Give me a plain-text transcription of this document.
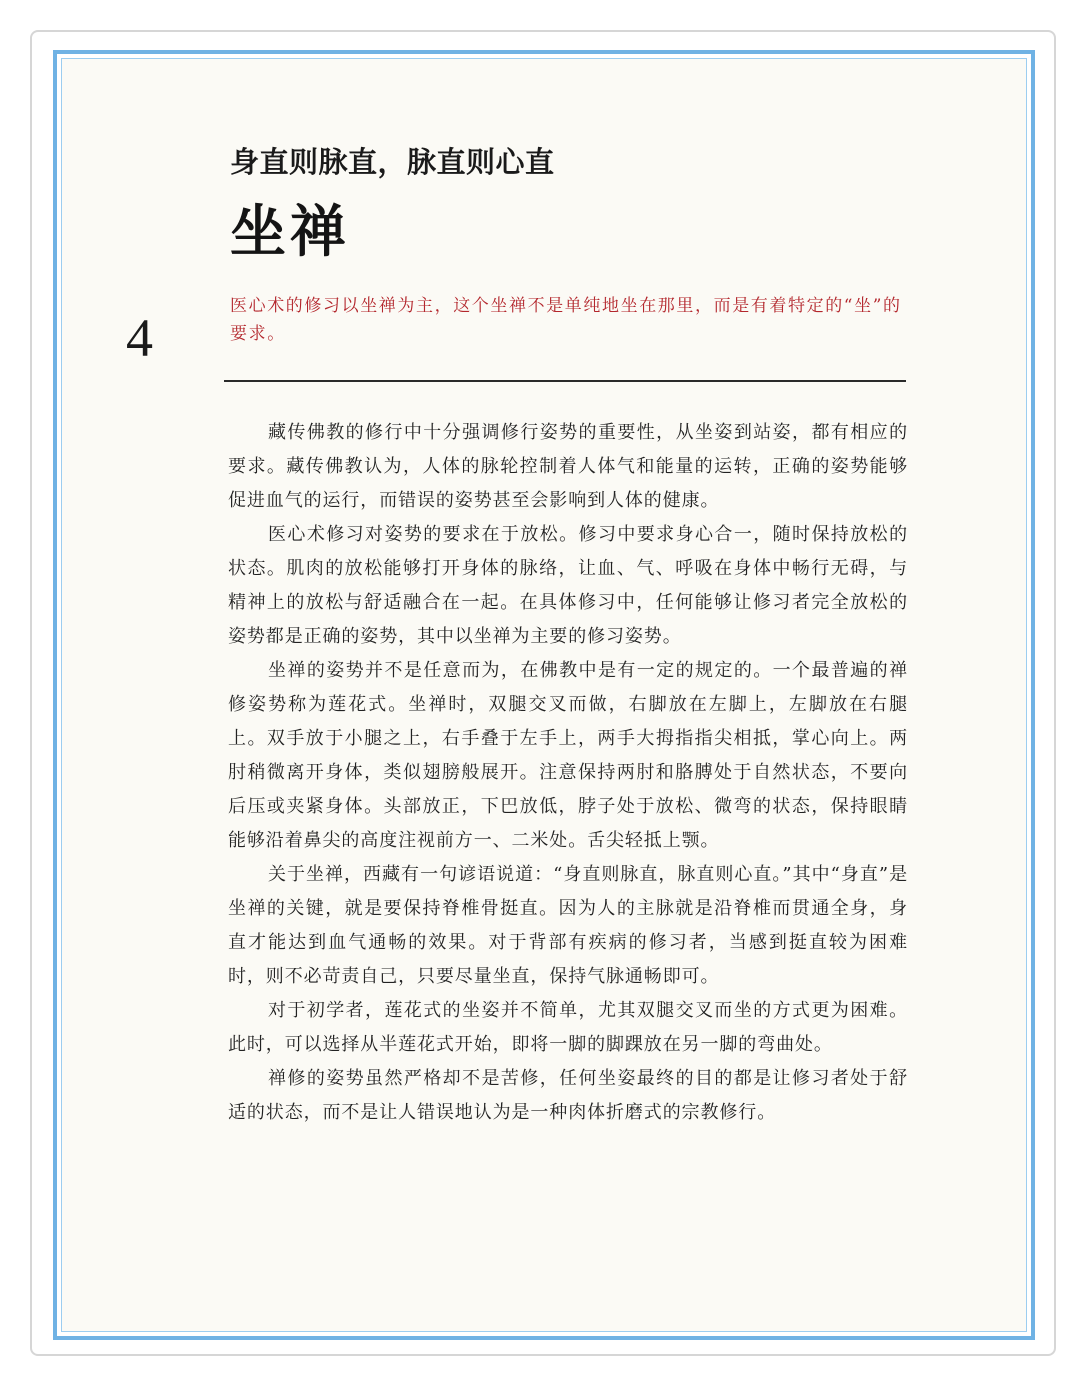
身直则脉直，脉直则心直
坐禅
4
医心术的修习以坐禅为主，这个坐禅不是单纯地坐在那里，而是有着特定的“坐”的要求。

藏传佛教的修行中十分强调修行姿势的重要性，从坐姿到站姿，都有相应的要求。藏传佛教认为，人体的脉轮控制着人体气和能量的运转，正确的姿势能够促进血气的运行，而错误的姿势甚至会影响到人体的健康。

医心术修习对姿势的要求在于放松。修习中要求身心合一，随时保持放松的状态。肌肉的放松能够打开身体的脉络，让血、气、呼吸在身体中畅行无碍，与精神上的放松与舒适融合在一起。在具体修习中，任何能够让修习者完全放松的姿势都是正确的姿势，其中以坐禅为主要的修习姿势。

坐禅的姿势并不是任意而为，在佛教中是有一定的规定的。一个最普遍的禅修姿势称为莲花式。坐禅时，双腿交叉而做，右脚放在左脚上，左脚放在右腿上。双手放于小腿之上，右手叠于左手上，两手大拇指指尖相抵，掌心向上。两肘稍微离开身体，类似翅膀般展开。注意保持两肘和胳膊处于自然状态，不要向后压或夹紧身体。头部放正，下巴放低，脖子处于放松、微弯的状态，保持眼睛能够沿着鼻尖的高度注视前方一、二米处。舌尖轻抵上颚。

关于坐禅，西藏有一句谚语说道：“身直则脉直，脉直则心直。”其中“身直”是坐禅的关键，就是要保持脊椎骨挺直。因为人的主脉就是沿脊椎而贯通全身，身直才能达到血气通畅的效果。对于背部有疾病的修习者，当感到挺直较为困难时，则不必苛责自己，只要尽量坐直，保持气脉通畅即可。

对于初学者，莲花式的坐姿并不简单，尤其双腿交叉而坐的方式更为困难。此时，可以选择从半莲花式开始，即将一脚的脚踝放在另一脚的弯曲处。

禅修的姿势虽然严格却不是苦修，任何坐姿最终的目的都是让修习者处于舒适的状态，而不是让人错误地认为是一种肉体折磨式的宗教修行。
